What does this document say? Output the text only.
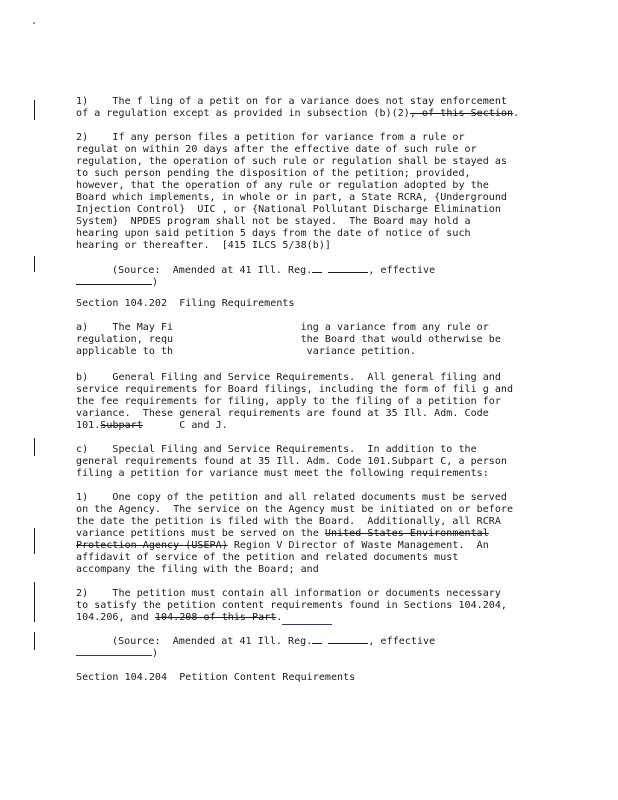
1)    The f ling of a petit on for a variance does not stay enforcement
of a regulation except as provided in subsection (b)(2), of this Section.
2)    If any person files a petition for variance from a rule or
regulat on within 20 days after the effective date of such rule or
regulation, the operation of such rule or regulation shall be stayed as
to such person pending the disposition of the petition; provided,
however, that the operation of any rule or regulation adopted by the
Board which implements, in whole or in part, a State RCRA, {Underground
Injection Control}  UIC , or {National Pollutant Discharge Elimination
System}  NPDES program shall not be stayed.  The Board may hold a
hearing upon said petition 5 days from the date of notice of such
hearing or thereafter.  [415 ILCS 5/38(b)]
(Source:  Amended at 41 Ill. Reg.	, effective
)
Section 104.202  Filing Requirements
a)    The May Fi                     ing a variance from any rule or
regulation, requ                     the Board that would otherwise be
applicable to th                      variance petition.
b)    General Filing and Service Requirements.  All general filing and
service requirements for Board filings, including the form of fili g and
the fee requirements for filing, apply to the filing of a petition for
variance.  These general requirements are found at 35 Ill. Adm. Code
101.Subpart      C and J.
c)    Special Filing and Service Requirements.  In addition to the
general requirements found at 35 Ill. Adm. Code 101.Subpart C, a person
filing a petition for variance must meet the following requirements:
1)    One copy of the petition and all related documents must be served
on the Agency.  The service on the Agency must be initiated on or before
the date the petition is filed with the Board.  Additionally, all RCRA
variance petitions must be served on the United States Environmental
Protection Agency (USEPA) Region V Director of Waste Management.  An
affidavit of service of the petition and related documents must
accompany the filing with the Board; and
2)    The petition must contain all information or documents necessary
to satisfy the petition content requirements found in Sections 104.204,
104.206, and 104.208 of this Part.
(Source:  Amended at 41 Ill. Reg.	, effective
)
Section 104.204  Petition Content Requirements
